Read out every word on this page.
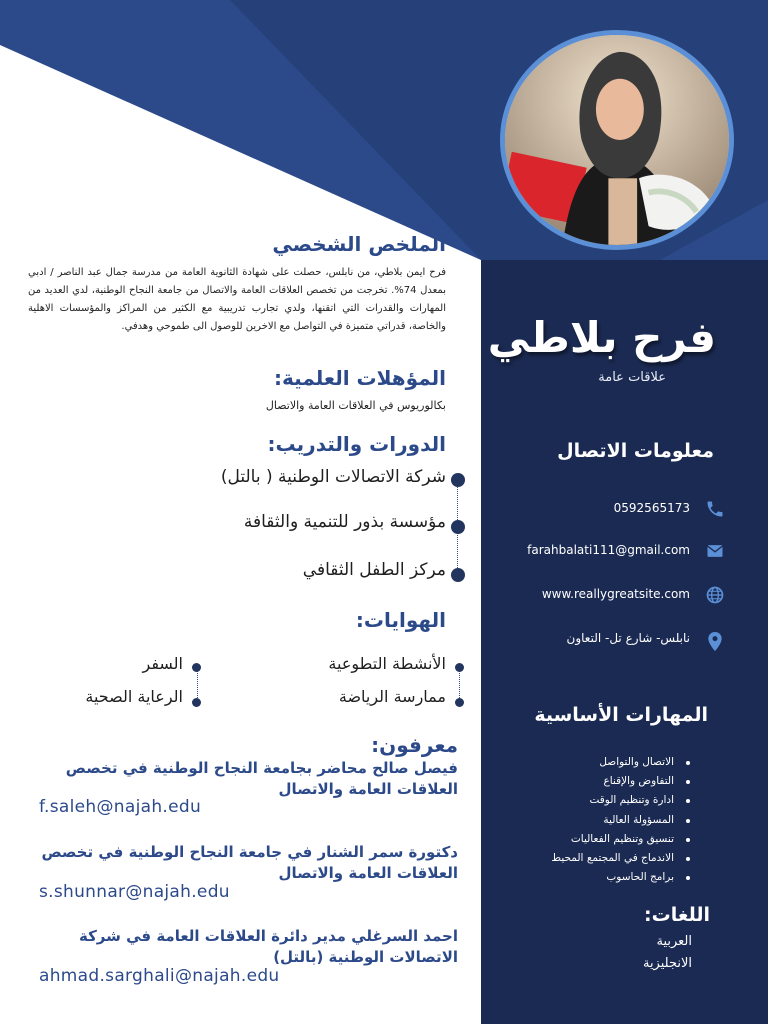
الملخص الشخصي

فرح ايمن بلاطي، من نابلس، حصلت على شهادة الثانوية العامة من مدرسة جمال عبد الناصر / ادبي بمعدل 74%. تخرجت من تخصص العلاقات العامة والاتصال من جامعة النجاح الوطنية، لدي العديد من المهارات والقدرات التي اتقنها، ولدي تجارب تدريبية مع الكثير من المراكز والمؤسسات الاهلية والخاصة، قدراتي متميزة في التواصل مع الاخرين للوصول الى طموحي وهدفي.

المؤهلات العلمية:
بكالوريوس في العلاقات العامة والاتصال
الدورات والتدريب:
شركة الاتصالات الوطنية ( بالتل)
مؤسسة بذور للتنمية والثقافة
مركز الطفل الثقافي
الهوايات:
الأنشطة التطوعية
ممارسة الرياضة
السفر
الرعاية الصحية
معرفون:
فيصل صالح محاضر بجامعة النجاح الوطنية في تخصص العلاقات العامة والاتصال
f.saleh@najah.edu
دكتورة سمر الشنار في جامعة النجاح الوطنية في تخصص العلاقات العامة والاتصال
s.shunnar@najah.edu
احمد السرغلي مدير دائرة العلاقات العامة في شركة الاتصالات الوطنية (بالتل)
ahmad.sarghali@najah.edu
فرح بلاطي
علاقات عامة
معلومات الاتصال
0592565173
farahbalati111@gmail.com
www.reallygreatsite.com
نابلس- شارع تل- التعاون
المهارات الأساسية
الاتصال والتواصل
التفاوض والإقناع
ادارة وتنظيم الوقت
المسؤولة العالية
تنسيق وتنظيم الفعاليات
الاندماج في المجتمع المحيط
برامج الحاسوب
اللغات:
العربية
الانجليزية
